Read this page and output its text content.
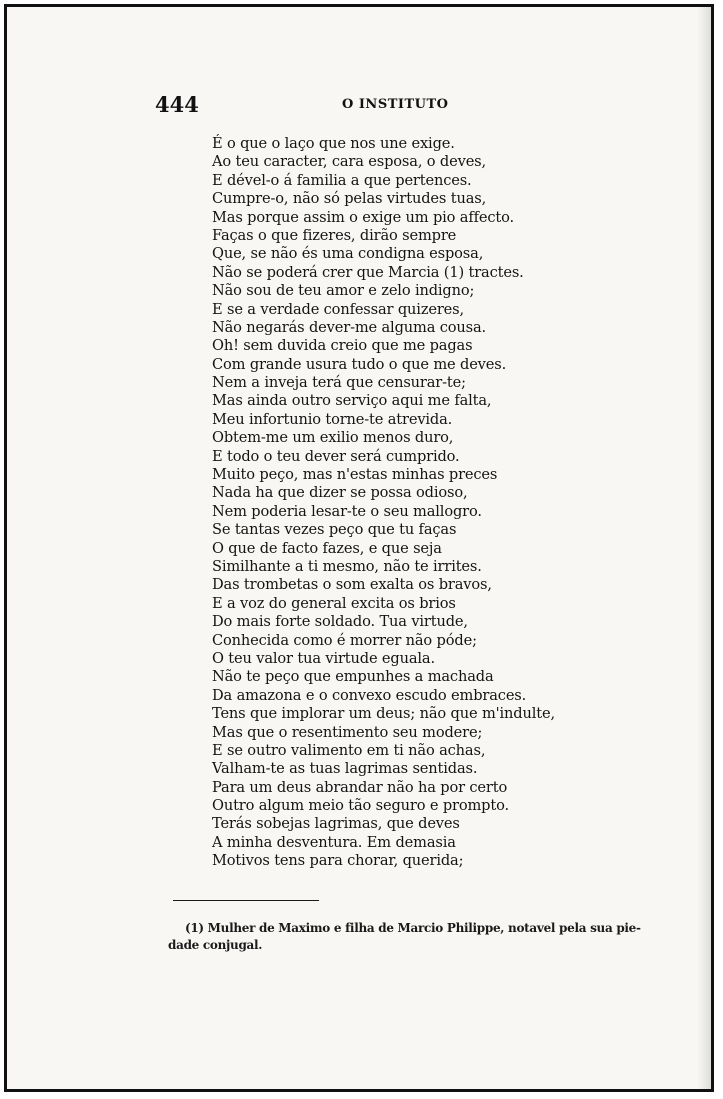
444	O INSTITUTO
É o que o laço que nos une exige.
Ao teu caracter, cara esposa, o deves,
E dével-o á familia a que pertences.
Cumpre-o, não só pelas virtudes tuas,
Mas porque assim o exige um pio affecto.
Faças o que fizeres, dirão sempre
Que, se não és uma condigna esposa,
Não se poderá crer que Marcia (1) tractes.
Não sou de teu amor e zelo indigno;
E se a verdade confessar quizeres,
Não negarás dever-me alguma cousa.
Oh! sem duvida creio que me pagas
Com grande usura tudo o que me deves.
Nem a inveja terá que censurar-te;
Mas ainda outro serviço aqui me falta,
Meu infortunio torne-te atrevida.
Obtem-me um exilio menos duro,
E todo o teu dever será cumprido.
Muito peço, mas n'estas minhas preces
Nada ha que dizer se possa odioso,
Nem poderia lesar-te o seu mallogro.
Se tantas vezes peço que tu faças
O que de facto fazes, e que seja
Similhante a ti mesmo, não te irrites.
Das trombetas o som exalta os bravos,
E a voz do general excita os brios
Do mais forte soldado. Tua virtude,
Conhecida como é morrer não póde;
O teu valor tua virtude eguala.
Não te peço que empunhes a machada
Da amazona e o convexo escudo embraces.
Tens que implorar um deus; não que m'indulte,
Mas que o resentimento seu modere;
E se outro valimento em ti não achas,
Valham-te as tuas lagrimas sentidas.
Para um deus abrandar não ha por certo
Outro algum meio tão seguro e prompto.
Terás sobejas lagrimas, que deves
A minha desventura. Em demasia
Motivos tens para chorar, querida;

(1) Mulher de Maximo e filha de Marcio Philippe, notavel pela sua pie-
dade conjugal.
